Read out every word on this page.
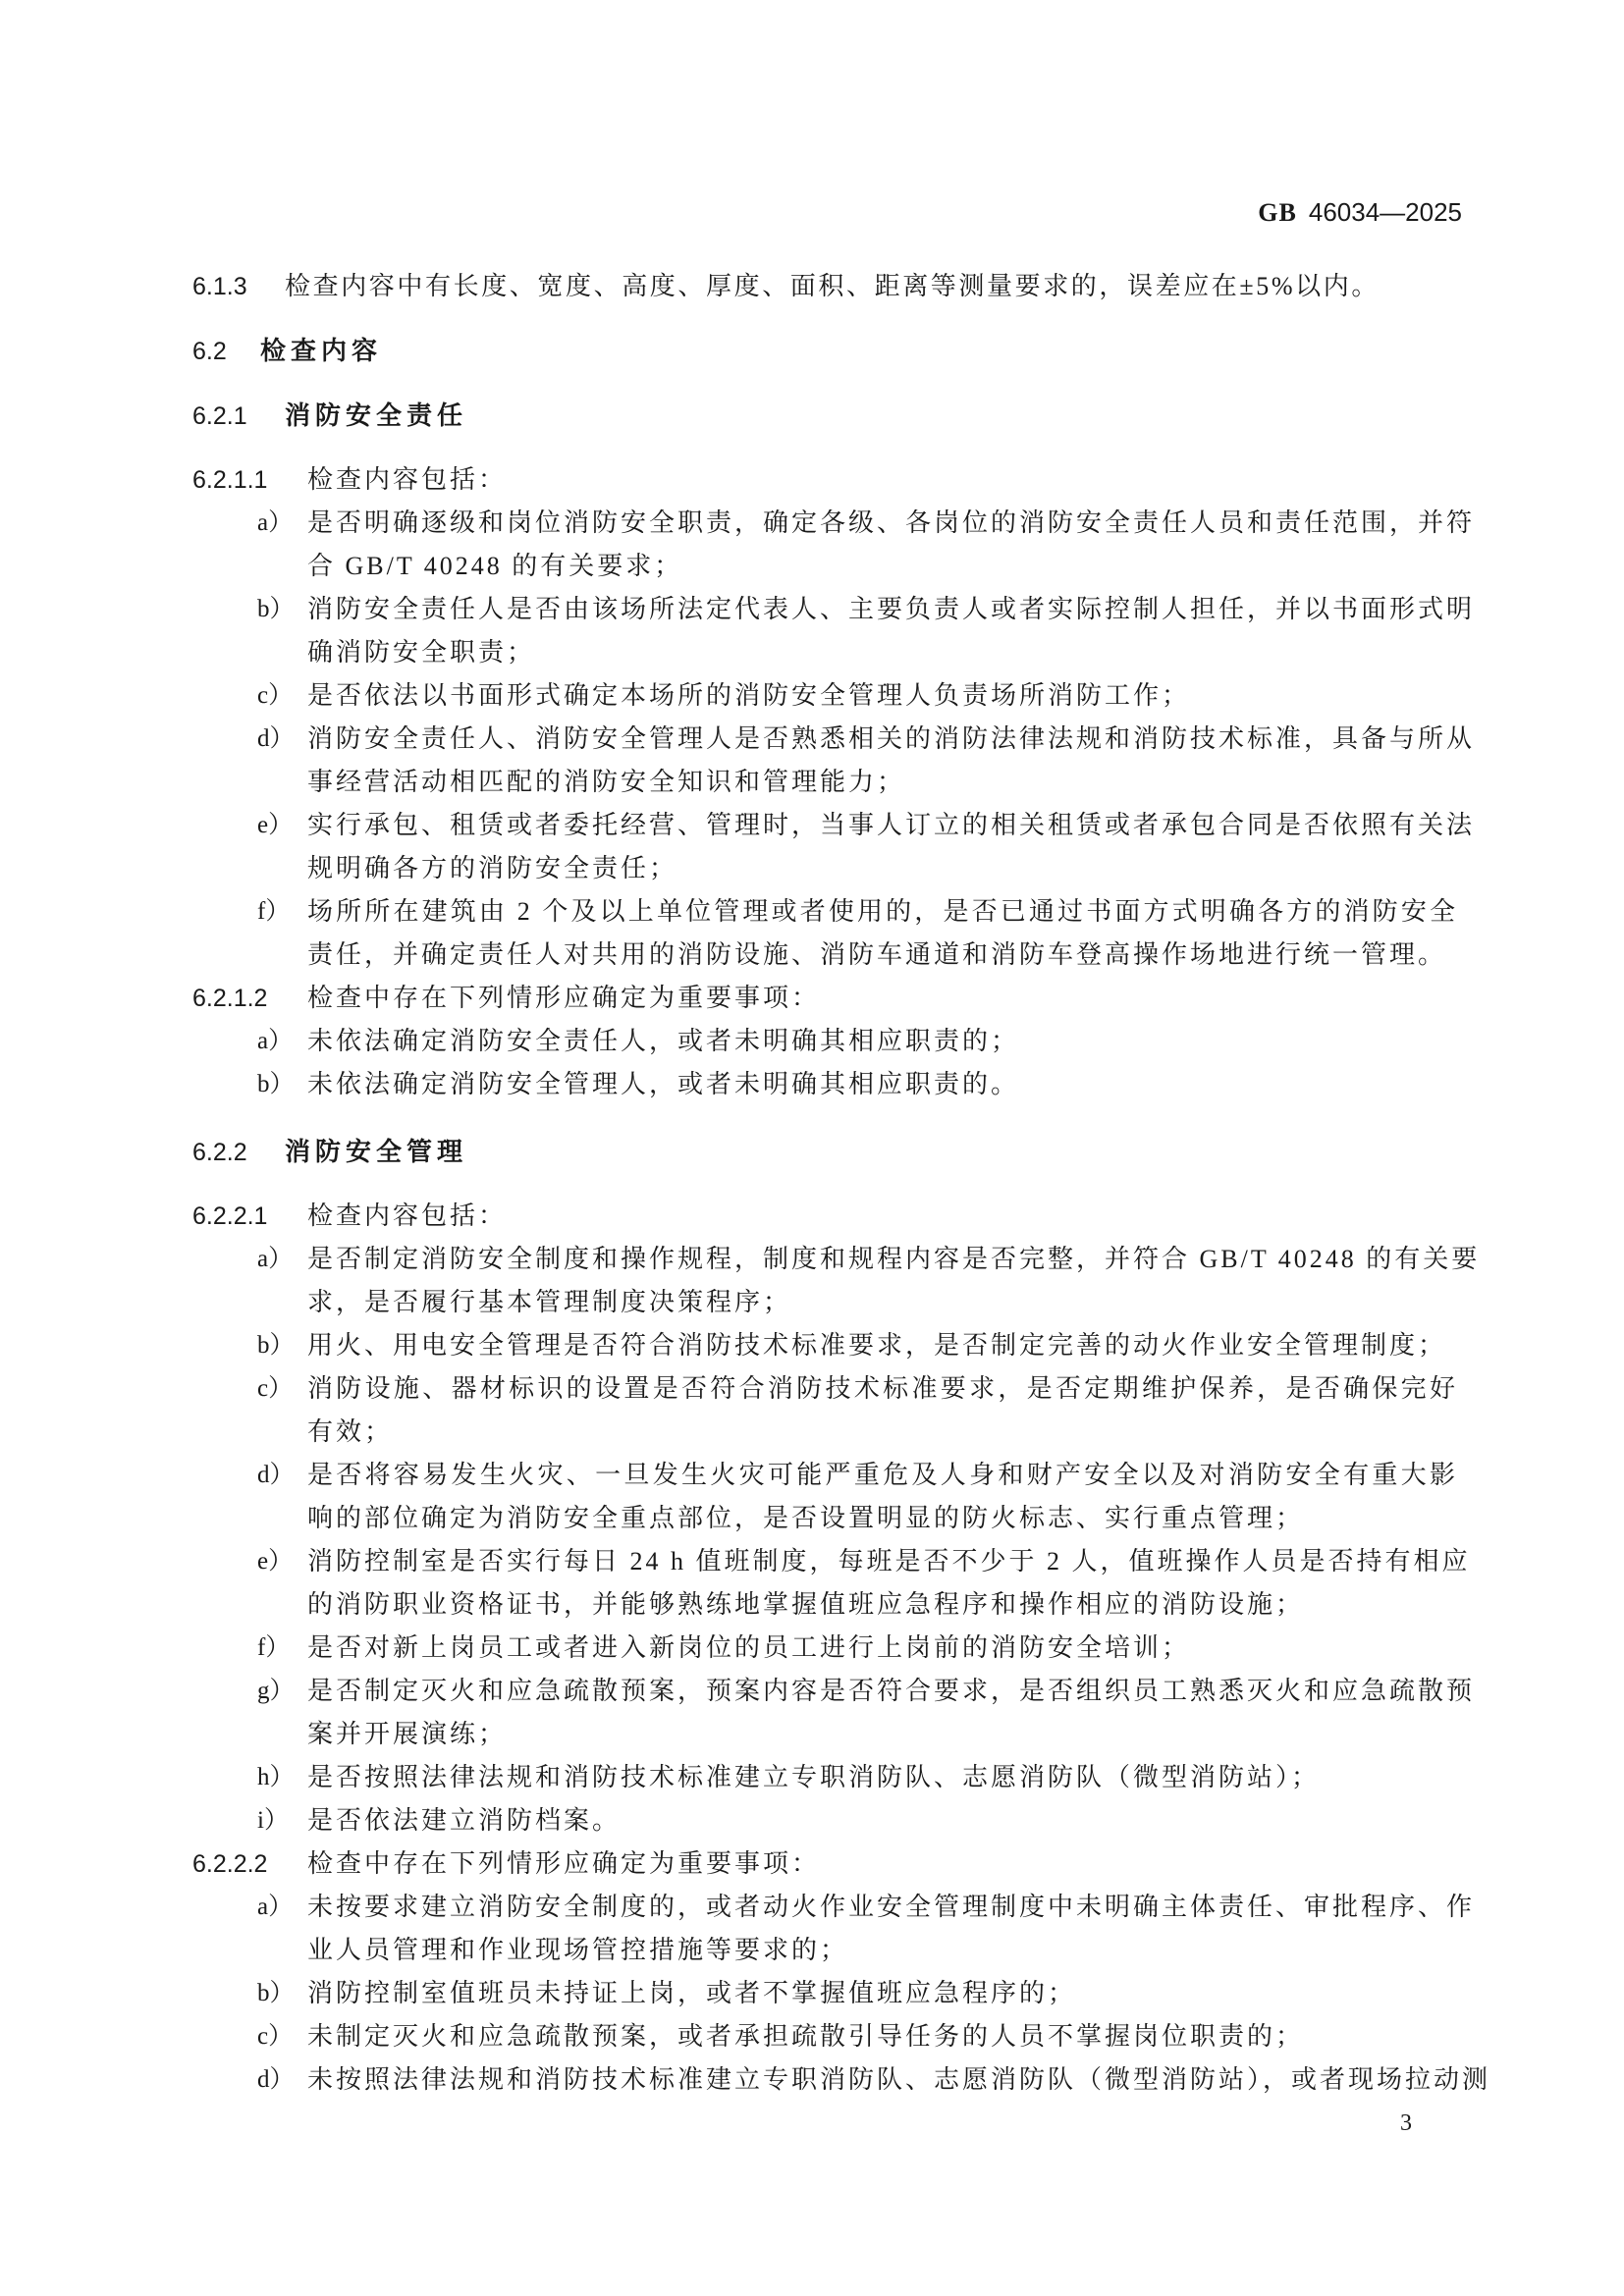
GB 46034—2025
6.1.3 检查内容中有长度、宽度、高度、厚度、面积、距离等测量要求的，误差应在±5%以内。
6.2 检查内容
6.2.1 消防安全责任
6.2.1.1 检查内容包括：
a） 是否明确逐级和岗位消防安全职责，确定各级、各岗位的消防安全责任人员和责任范围，并符
合 GB/T 40248 的有关要求；
b） 消防安全责任人是否由该场所法定代表人、主要负责人或者实际控制人担任，并以书面形式明
确消防安全职责；
c） 是否依法以书面形式确定本场所的消防安全管理人负责场所消防工作；
d） 消防安全责任人、消防安全管理人是否熟悉相关的消防法律法规和消防技术标准，具备与所从
事经营活动相匹配的消防安全知识和管理能力；
e） 实行承包、租赁或者委托经营、管理时，当事人订立的相关租赁或者承包合同是否依照有关法
规明确各方的消防安全责任；
f） 场所所在建筑由 2 个及以上单位管理或者使用的，是否已通过书面方式明确各方的消防安全
责任，并确定责任人对共用的消防设施、消防车通道和消防车登高操作场地进行统一管理。
6.2.1.2 检查中存在下列情形应确定为重要事项：
a） 未依法确定消防安全责任人，或者未明确其相应职责的；
b） 未依法确定消防安全管理人，或者未明确其相应职责的。
6.2.2 消防安全管理
6.2.2.1 检查内容包括：
a） 是否制定消防安全制度和操作规程，制度和规程内容是否完整，并符合 GB/T 40248 的有关要
求，是否履行基本管理制度决策程序；
b） 用火、用电安全管理是否符合消防技术标准要求，是否制定完善的动火作业安全管理制度；
c） 消防设施、器材标识的设置是否符合消防技术标准要求，是否定期维护保养，是否确保完好
有效；
d） 是否将容易发生火灾、一旦发生火灾可能严重危及人身和财产安全以及对消防安全有重大影
响的部位确定为消防安全重点部位，是否设置明显的防火标志、实行重点管理；
e） 消防控制室是否实行每日 24 h 值班制度，每班是否不少于 2 人，值班操作人员是否持有相应
的消防职业资格证书，并能够熟练地掌握值班应急程序和操作相应的消防设施；
f） 是否对新上岗员工或者进入新岗位的员工进行上岗前的消防安全培训；
g） 是否制定灭火和应急疏散预案，预案内容是否符合要求，是否组织员工熟悉灭火和应急疏散预
案并开展演练；
h） 是否按照法律法规和消防技术标准建立专职消防队、志愿消防队（微型消防站）；
i） 是否依法建立消防档案。
6.2.2.2 检查中存在下列情形应确定为重要事项：
a） 未按要求建立消防安全制度的，或者动火作业安全管理制度中未明确主体责任、审批程序、作
业人员管理和作业现场管控措施等要求的；
b） 消防控制室值班员未持证上岗，或者不掌握值班应急程序的；
c） 未制定灭火和应急疏散预案，或者承担疏散引导任务的人员不掌握岗位职责的；
d） 未按照法律法规和消防技术标准建立专职消防队、志愿消防队（微型消防站），或者现场拉动测
3
